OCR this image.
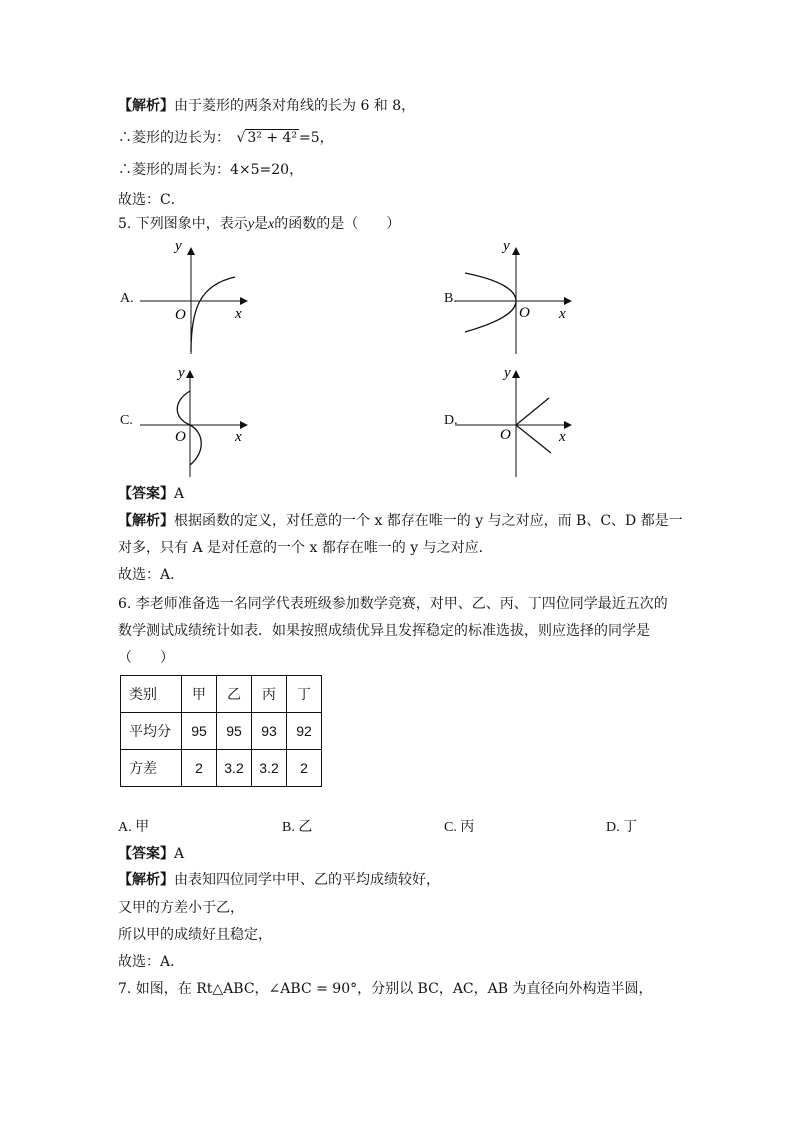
【解析】由于菱形的两条对角线的长为 6 和 8，
∴菱形的边长为： √ 3² + 4² =5，
∴菱形的周长为：4×5=20，
故选：C．
5. 下列图象中，表示y是x的函数的是（　　）
A.	B.
C.	D.
y
x
O
y
x
O
y
x
O
y
x
O
【答案】A
【解析】根据函数的定义，对任意的一个 x 都存在唯一的 y 与之对应，而 B、C、D 都是一
对多，只有 A 是对任意的一个 x 都存在唯一的 y 与之对应．
故选：A．
6. 李老师准备选一名同学代表班级参加数学竞赛，对甲、乙、丙、丁四位同学最近五次的
数学测试成绩统计如表．如果按照成绩优异且发挥稳定的标准选拔，则应选择的同学是
（　　）
类别	甲	乙	丙	丁
平均分	95	95	93	92
方差	2	3.2	3.2	2
A. 甲	B. 乙	C. 丙	D. 丁
【答案】A
【解析】由表知四位同学中甲、乙的平均成绩较好，
又甲的方差小于乙，
所以甲的成绩好且稳定，
故选：A．
7. 如图，在 Rt△ABC，∠ABC = 90°，分别以 BC，AC，AB 为直径向外构造半圆，
